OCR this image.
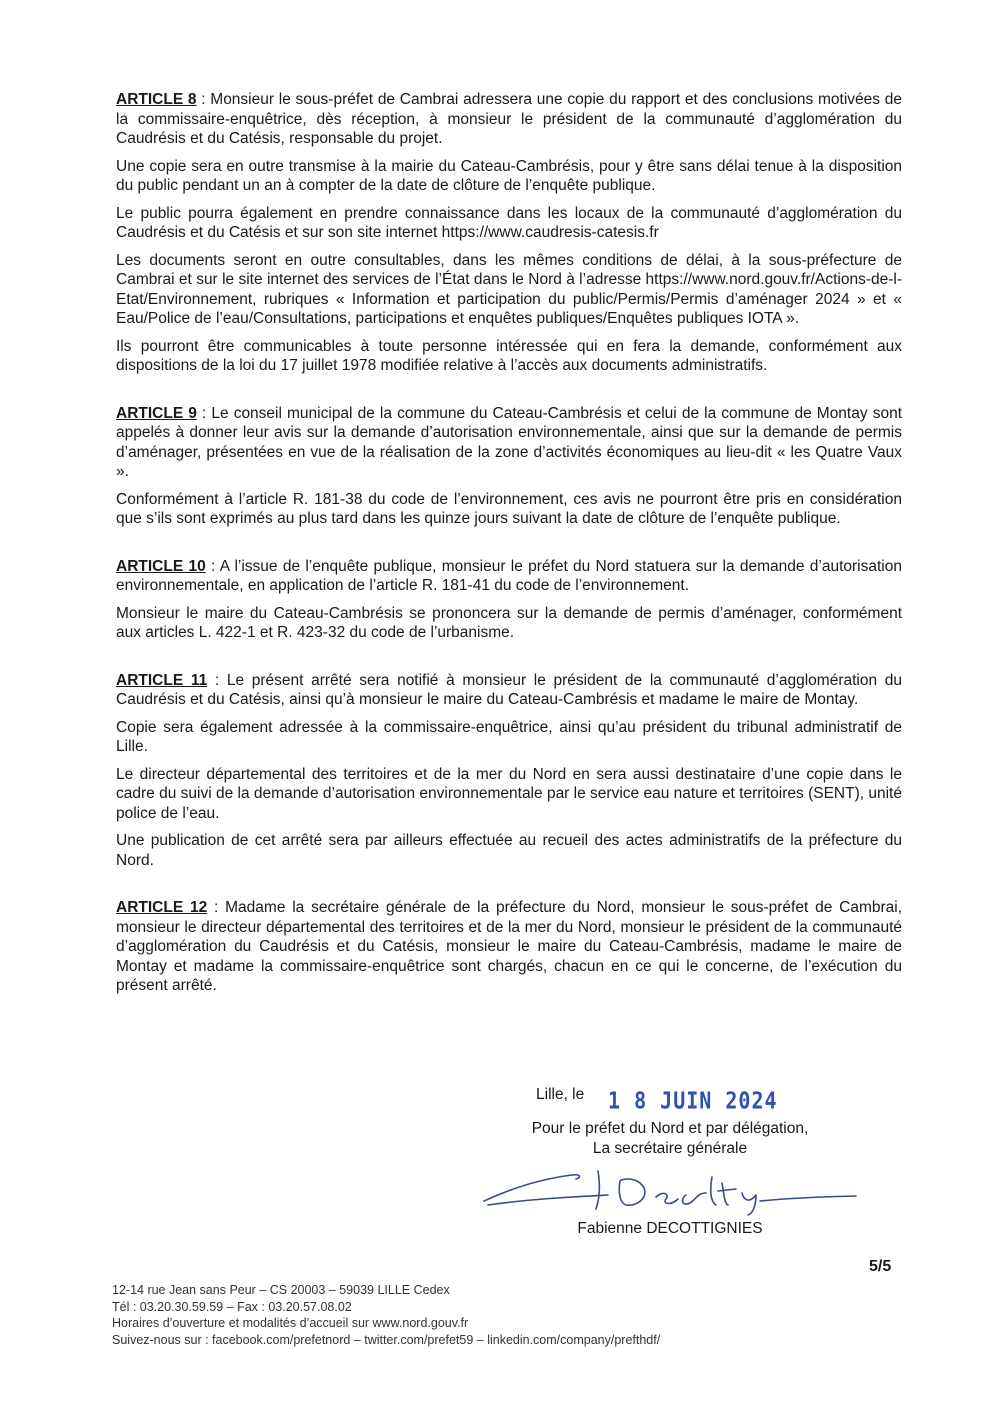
ARTICLE 8 : Monsieur le sous-préfet de Cambrai adressera une copie du rapport et des conclusions motivées de la commissaire-enquêtrice, dès réception, à monsieur le président de la communauté d’agglomération du Caudrésis et du Catésis, responsable du projet.

Une copie sera en outre transmise à la mairie du Cateau-Cambrésis, pour y être sans délai tenue à la disposition du public pendant un an à compter de la date de clôture de l’enquête publique.

Le public pourra également en prendre connaissance dans les locaux de la communauté d’agglomération du Caudrésis et du Catésis et sur son site internet https://www.caudresis-catesis.fr

Les documents seront en outre consultables, dans les mêmes conditions de délai, à la sous-préfecture de Cambrai et sur le site internet des services de l’État dans le Nord à l’adresse https://www.nord.gouv.fr/Actions-de-l-Etat/Environnement, rubriques « Information et participation du public/Permis/Permis d’aménager 2024 » et « Eau/Police de l’eau/Consultations, participations et enquêtes publiques/Enquêtes publiques IOTA ».

Ils pourront être communicables à toute personne intéressée qui en fera la demande, conformément aux dispositions de la loi du 17 juillet 1978 modifiée relative à l’accès aux documents administratifs.

ARTICLE 9 : Le conseil municipal de la commune du Cateau-Cambrésis et celui de la commune de Montay sont appelés à donner leur avis sur la demande d’autorisation environnementale, ainsi que sur la demande de permis d’aménager, présentées en vue de la réalisation de la zone d’activités économiques au lieu-dit « les Quatre Vaux ».

Conformément à l’article R. 181-38 du code de l’environnement, ces avis ne pourront être pris en considération que s’ils sont exprimés au plus tard dans les quinze jours suivant la date de clôture de l’enquête publique.

ARTICLE 10 : A l’issue de l’enquête publique, monsieur le préfet du Nord statuera sur la demande d’autorisation environnementale, en application de l’article R. 181-41 du code de l’environnement.

Monsieur le maire du Cateau-Cambrésis se prononcera sur la demande de permis d’aménager, conformément aux articles L. 422-1 et R. 423-32 du code de l’urbanisme.

ARTICLE 11 : Le présent arrêté sera notifié à monsieur le président de la communauté d’agglomération du Caudrésis et du Catésis, ainsi qu’à monsieur le maire du Cateau-Cambrésis et madame le maire de Montay.

Copie sera également adressée à la commissaire-enquêtrice, ainsi qu’au président du tribunal administratif de Lille.

Le directeur départemental des territoires et de la mer du Nord en sera aussi destinataire d’une copie dans le cadre du suivi de la demande d’autorisation environnementale par le service eau nature et territoires (SENT), unité police de l’eau.

Une publication de cet arrêté sera par ailleurs effectuée au recueil des actes administratifs de la préfecture du Nord.

ARTICLE 12 : Madame la secrétaire générale de la préfecture du Nord, monsieur le sous-préfet de Cambrai, monsieur le directeur départemental des territoires et de la mer du Nord, monsieur le président de la communauté d’agglomération du Caudrésis et du Catésis, monsieur le maire du Cateau-Cambrésis, madame le maire de Montay et madame la commissaire-enquêtrice sont chargés, chacun en ce qui le concerne, de l’exécution du présent arrêté.

Lille, le 1 8 JUIN 2024
Pour le préfet du Nord et par délégation,
La secrétaire générale
Fabienne DECOTTIGNIES
5/5
12-14 rue Jean sans Peur – CS 20003 – 59039 LILLE Cedex
Tél : 03.20.30.59.59 – Fax : 03.20.57.08.02
Horaires d’ouverture et modalités d’accueil sur www.nord.gouv.fr
Suivez-nous sur : facebook.com/prefetnord – twitter.com/prefet59 – linkedin.com/company/prefthdf/
